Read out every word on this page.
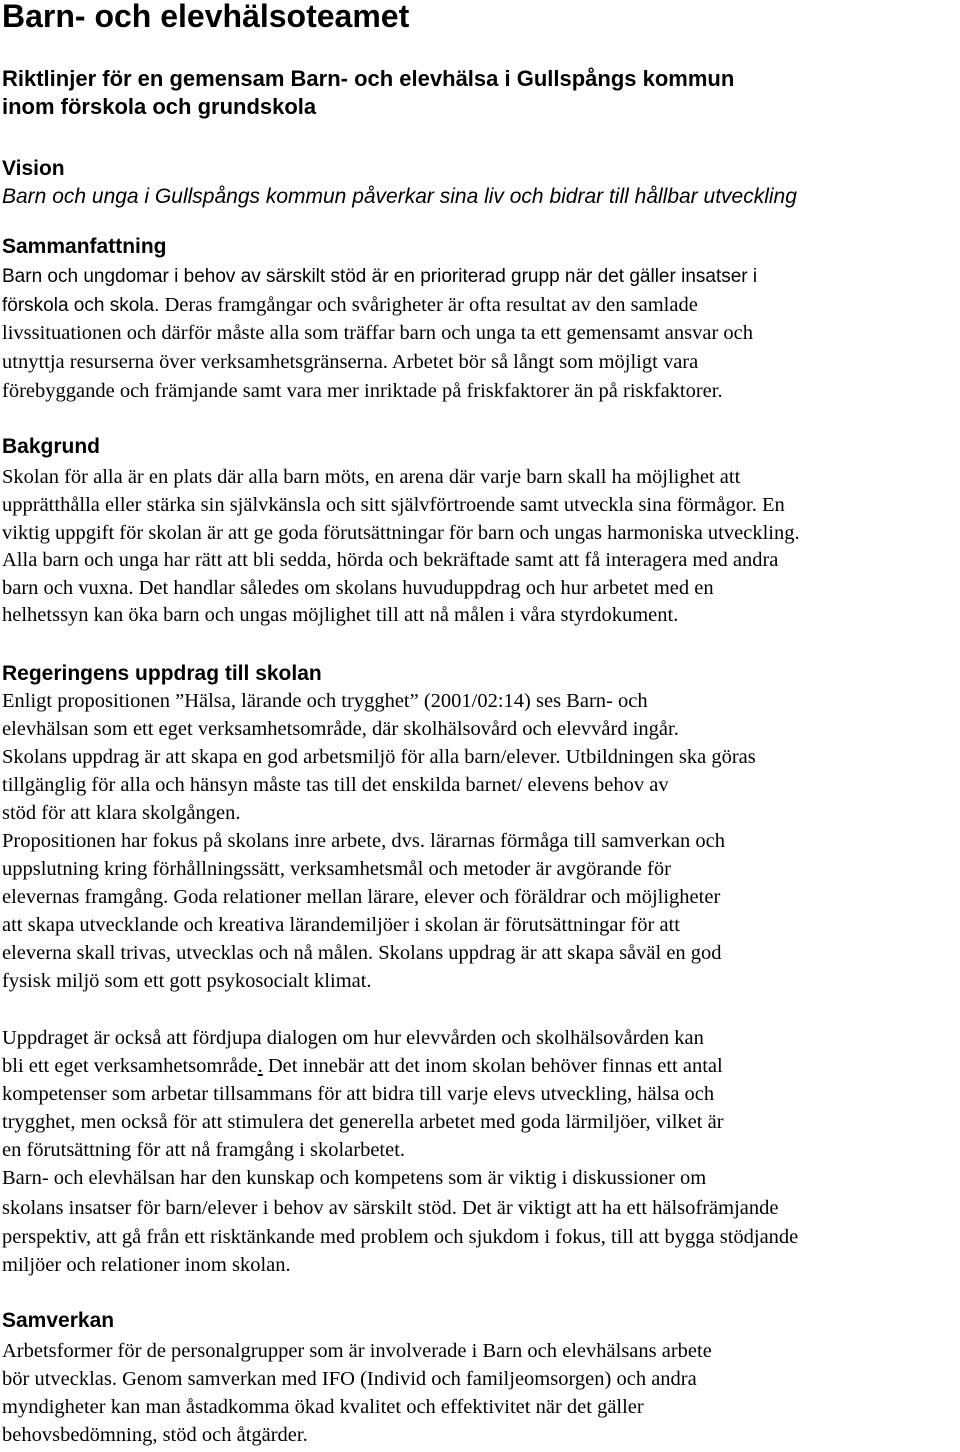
Barn- och elevhälsoteamet
Riktlinjer för en gemensam Barn- och elevhälsa i Gullspångs kommun
inom förskola och grundskola
Vision
Barn och unga i Gullspångs kommun påverkar sina liv och bidrar till hållbar utveckling
Sammanfattning
Barn och ungdomar i behov av särskilt stöd är en prioriterad grupp när det gäller insatser i
förskola och skola. Deras framgångar och svårigheter är ofta resultat av den samlade
livssituationen och därför måste alla som träffar barn och unga ta ett gemensamt ansvar och
utnyttja resurserna över verksamhetsgränserna. Arbetet bör så långt som möjligt vara
förebyggande och främjande samt vara mer inriktade på friskfaktorer än på riskfaktorer.
Bakgrund
Skolan för alla är en plats där alla barn möts, en arena där varje barn skall ha möjlighet att
upprätthålla eller stärka sin självkänsla och sitt självförtroende samt utveckla sina förmågor. En
viktig uppgift för skolan är att ge goda förutsättningar för barn och ungas harmoniska utveckling.
Alla barn och unga har rätt att bli sedda, hörda och bekräftade samt att få interagera med andra
barn och vuxna. Det handlar således om skolans huvuduppdrag och hur arbetet med en
helhetssyn kan öka barn och ungas möjlighet till att nå målen i våra styrdokument.
Regeringens uppdrag till skolan
Enligt propositionen ”Hälsa, lärande och trygghet” (2001/02:14) ses Barn- och
elevhälsan som ett eget verksamhetsområde, där skolhälsovård och elevvård ingår.
Skolans uppdrag är att skapa en god arbetsmiljö för alla barn/elever. Utbildningen ska göras
tillgänglig för alla och hänsyn måste tas till det enskilda barnet/ elevens behov av
stöd för att klara skolgången.
Propositionen har fokus på skolans inre arbete, dvs. lärarnas förmåga till samverkan och
uppslutning kring förhållningssätt, verksamhetsmål och metoder är avgörande för
elevernas framgång. Goda relationer mellan lärare, elever och föräldrar och möjligheter
att skapa utvecklande och kreativa lärandemiljöer i skolan är förutsättningar för att
eleverna skall trivas, utvecklas och nå målen. Skolans uppdrag är att skapa såväl en god
fysisk miljö som ett gott psykosocialt klimat.
Uppdraget är också att fördjupa dialogen om hur elevvården och skolhälsovården kan
bli ett eget verksamhetsområde. Det innebär att det inom skolan behöver finnas ett antal
kompetenser som arbetar tillsammans för att bidra till varje elevs utveckling, hälsa och
trygghet, men också för att stimulera det generella arbetet med goda lärmiljöer, vilket är
en förutsättning för att nå framgång i skolarbetet.
Barn- och elevhälsan har den kunskap och kompetens som är viktig i diskussioner om
skolans insatser för barn/elever i behov av särskilt stöd. Det är viktigt att ha ett hälsofrämjande
perspektiv, att gå från ett risktänkande med problem och sjukdom i fokus, till att bygga stödjande
miljöer och relationer inom skolan.
Samverkan
Arbetsformer för de personalgrupper som är involverade i Barn och elevhälsans arbete
bör utvecklas. Genom samverkan med IFO (Individ och familjeomsorgen) och andra
myndigheter kan man åstadkomma ökad kvalitet och effektivitet när det gäller
behovsbedömning, stöd och åtgärder.
